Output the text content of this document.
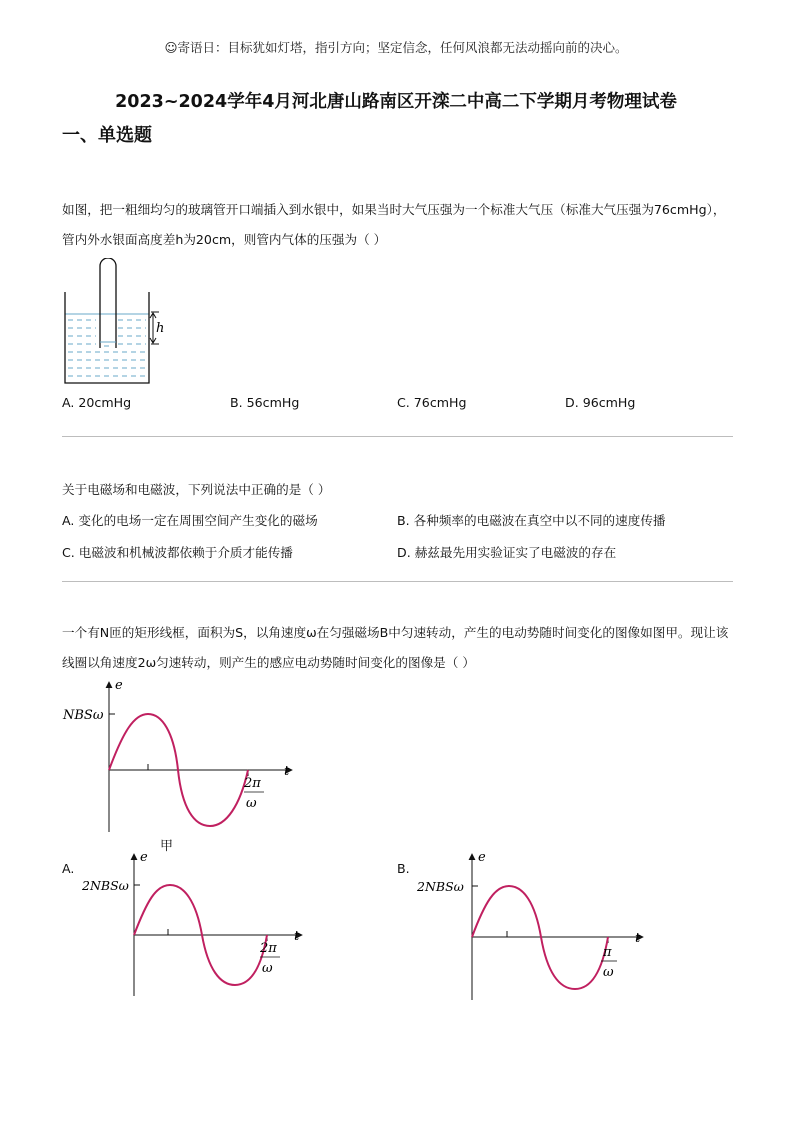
☺寄语日：目标犹如灯塔，指引方向；坚定信念，任何风浪都无法动摇向前的决心。
2023~2024学年4月河北唐山路南区开滦二中高二下学期月考物理试卷
一、单选题
如图，把一粗细均匀的玻璃管开口端插入到水银中，如果当时大气压强为一个标准大气压（标准大气压强为76cmHg），管内外水银面高度差h为20cm，则管内气体的压强为（ ）
h
A. 20cmHg	B. 56cmHg	C. 76cmHg	D. 96cmHg
关于电磁场和电磁波，下列说法中正确的是（ ）
A. 变化的电场一定在周围空间产生变化的磁场	B. 各种频率的电磁波在真空中以不同的速度传播
C. 电磁波和机械波都依赖于介质才能传播	D. 赫兹最先用实验证实了电磁波的存在
一个有N匝的矩形线框，面积为S，以角速度ω在匀强磁场B中匀速转动，产生的电动势随时间变化的图像如图甲。现让该线圈以角速度2ω匀速转动，则产生的感应电动势随时间变化的图像是（ ）
e
t
NBSω
2π
ω
甲
A.
e
t
2NBSω
2π
ω
B.
e
t
2NBSω
π
ω
